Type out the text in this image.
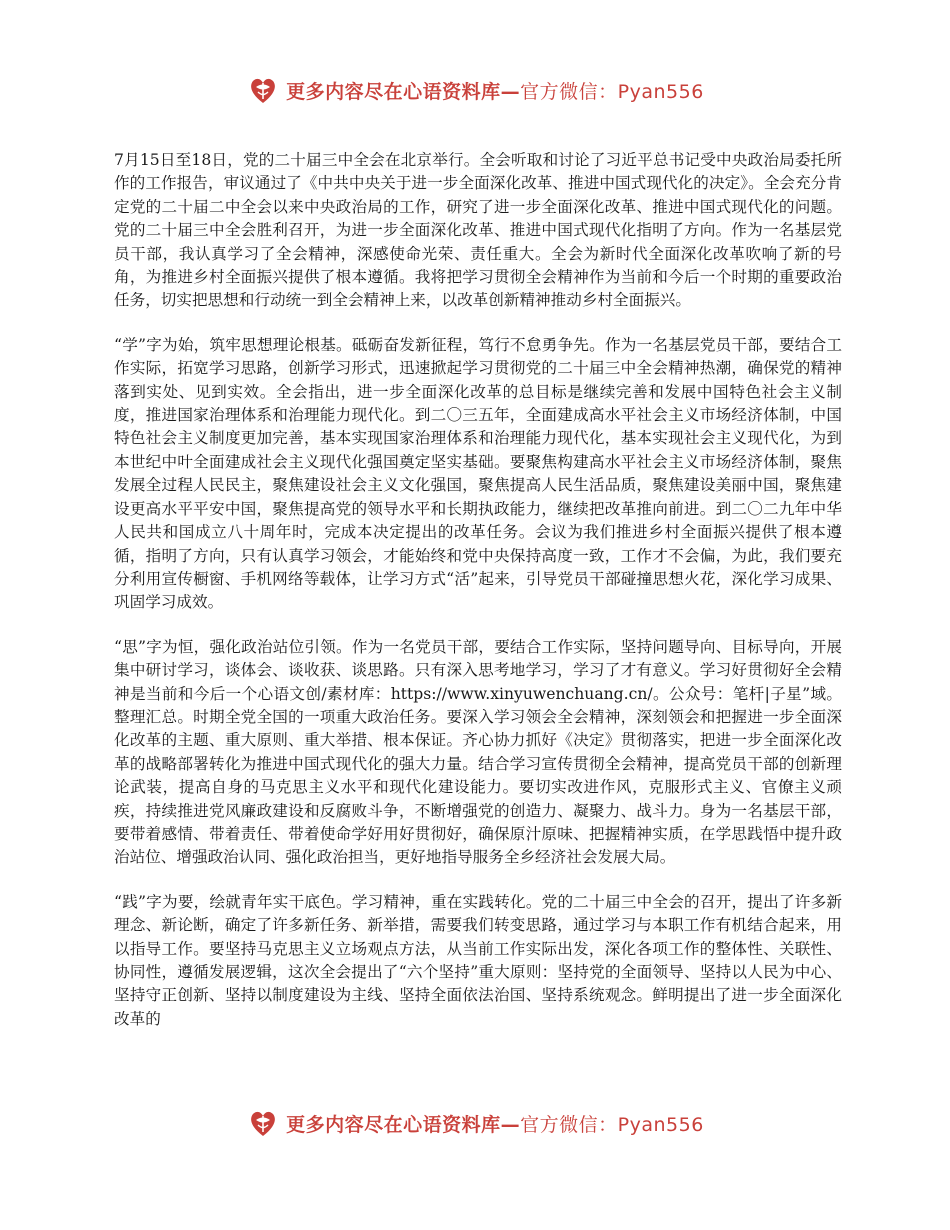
更多内容尽在心语资料库—官方微信：Pyan556

7月15日至18日，党的二十届三中全会在北京举行。全会听取和讨论了习近平总书记受中央政治局委托所作的工作报告，审议通过了《中共中央关于进一步全面深化改革、推进中国式现代化的决定》。全会充分肯定党的二十届二中全会以来中央政治局的工作，研究了进一步全面深化改革、推进中国式现代化的问题。党的二十届三中全会胜利召开，为进一步全面深化改革、推进中国式现代化指明了方向。作为一名基层党员干部，我认真学习了全会精神，深感使命光荣、责任重大。全会为新时代全面深化改革吹响了新的号角，为推进乡村全面振兴提供了根本遵循。我将把学习贯彻全会精神作为当前和今后一个时期的重要政治任务，切实把思想和行动统一到全会精神上来，以改革创新精神推动乡村全面振兴。

“学”字为始，筑牢思想理论根基。砥砺奋发新征程，笃行不怠勇争先。作为一名基层党员干部，要结合工作实际，拓宽学习思路，创新学习形式，迅速掀起学习贯彻党的二十届三中全会精神热潮，确保党的精神落到实处、见到实效。全会指出，进一步全面深化改革的总目标是继续完善和发展中国特色社会主义制度，推进国家治理体系和治理能力现代化。到二〇三五年，全面建成高水平社会主义市场经济体制，中国特色社会主义制度更加完善，基本实现国家治理体系和治理能力现代化，基本实现社会主义现代化，为到本世纪中叶全面建成社会主义现代化强国奠定坚实基础。要聚焦构建高水平社会主义市场经济体制，聚焦发展全过程人民民主，聚焦建设社会主义文化强国，聚焦提高人民生活品质，聚焦建设美丽中国，聚焦建设更高水平平安中国，聚焦提高党的领导水平和长期执政能力，继续把改革推向前进。到二〇二九年中华人民共和国成立八十周年时，完成本决定提出的改革任务。会议为我们推进乡村全面振兴提供了根本遵循，指明了方向，只有认真学习领会，才能始终和党中央保持高度一致，工作才不会偏，为此，我们要充分利用宣传橱窗、手机网络等载体，让学习方式“活”起来，引导党员干部碰撞思想火花，深化学习成果、巩固学习成效。

“思”字为恒，强化政治站位引领。作为一名党员干部，要结合工作实际，坚持问题导向、目标导向，开展集中研讨学习，谈体会、谈收获、谈思路。只有深入思考地学习，学习了才有意义。学习好贯彻好全会精神是当前和今后一个心语文创/素材库：https://www.xinyuwenchuang.cn/。公众号：笔杆|子星”域。整理汇总。时期全党全国的一项重大政治任务。要深入学习领会全会精神，深刻领会和把握进一步全面深化改革的主题、重大原则、重大举措、根本保证。齐心协力抓好《决定》贯彻落实，把进一步全面深化改革的战略部署转化为推进中国式现代化的强大力量。结合学习宣传贯彻全会精神，提高党员干部的创新理论武装，提高自身的马克思主义水平和现代化建设能力。要切实改进作风，克服形式主义、官僚主义顽疾，持续推进党风廉政建设和反腐败斗争，不断增强党的创造力、凝聚力、战斗力。身为一名基层干部，要带着感情、带着责任、带着使命学好用好贯彻好，确保原汁原味、把握精神实质，在学思践悟中提升政治站位、增强政治认同、强化政治担当，更好地指导服务全乡经济社会发展大局。

“践”字为要，绘就青年实干底色。学习精神，重在实践转化。党的二十届三中全会的召开，提出了许多新理念、新论断，确定了许多新任务、新举措，需要我们转变思路，通过学习与本职工作有机结合起来，用以指导工作。要坚持马克思主义立场观点方法，从当前工作实际出发，深化各项工作的整体性、关联性、协同性，遵循发展逻辑，这次全会提出了“六个坚持”重大原则：坚持党的全面领导、坚持以人民为中心、坚持守正创新、坚持以制度建设为主线、坚持全面依法治国、坚持系统观念。鲜明提出了进一步全面深化改革的

更多内容尽在心语资料库—官方微信：Pyan556
